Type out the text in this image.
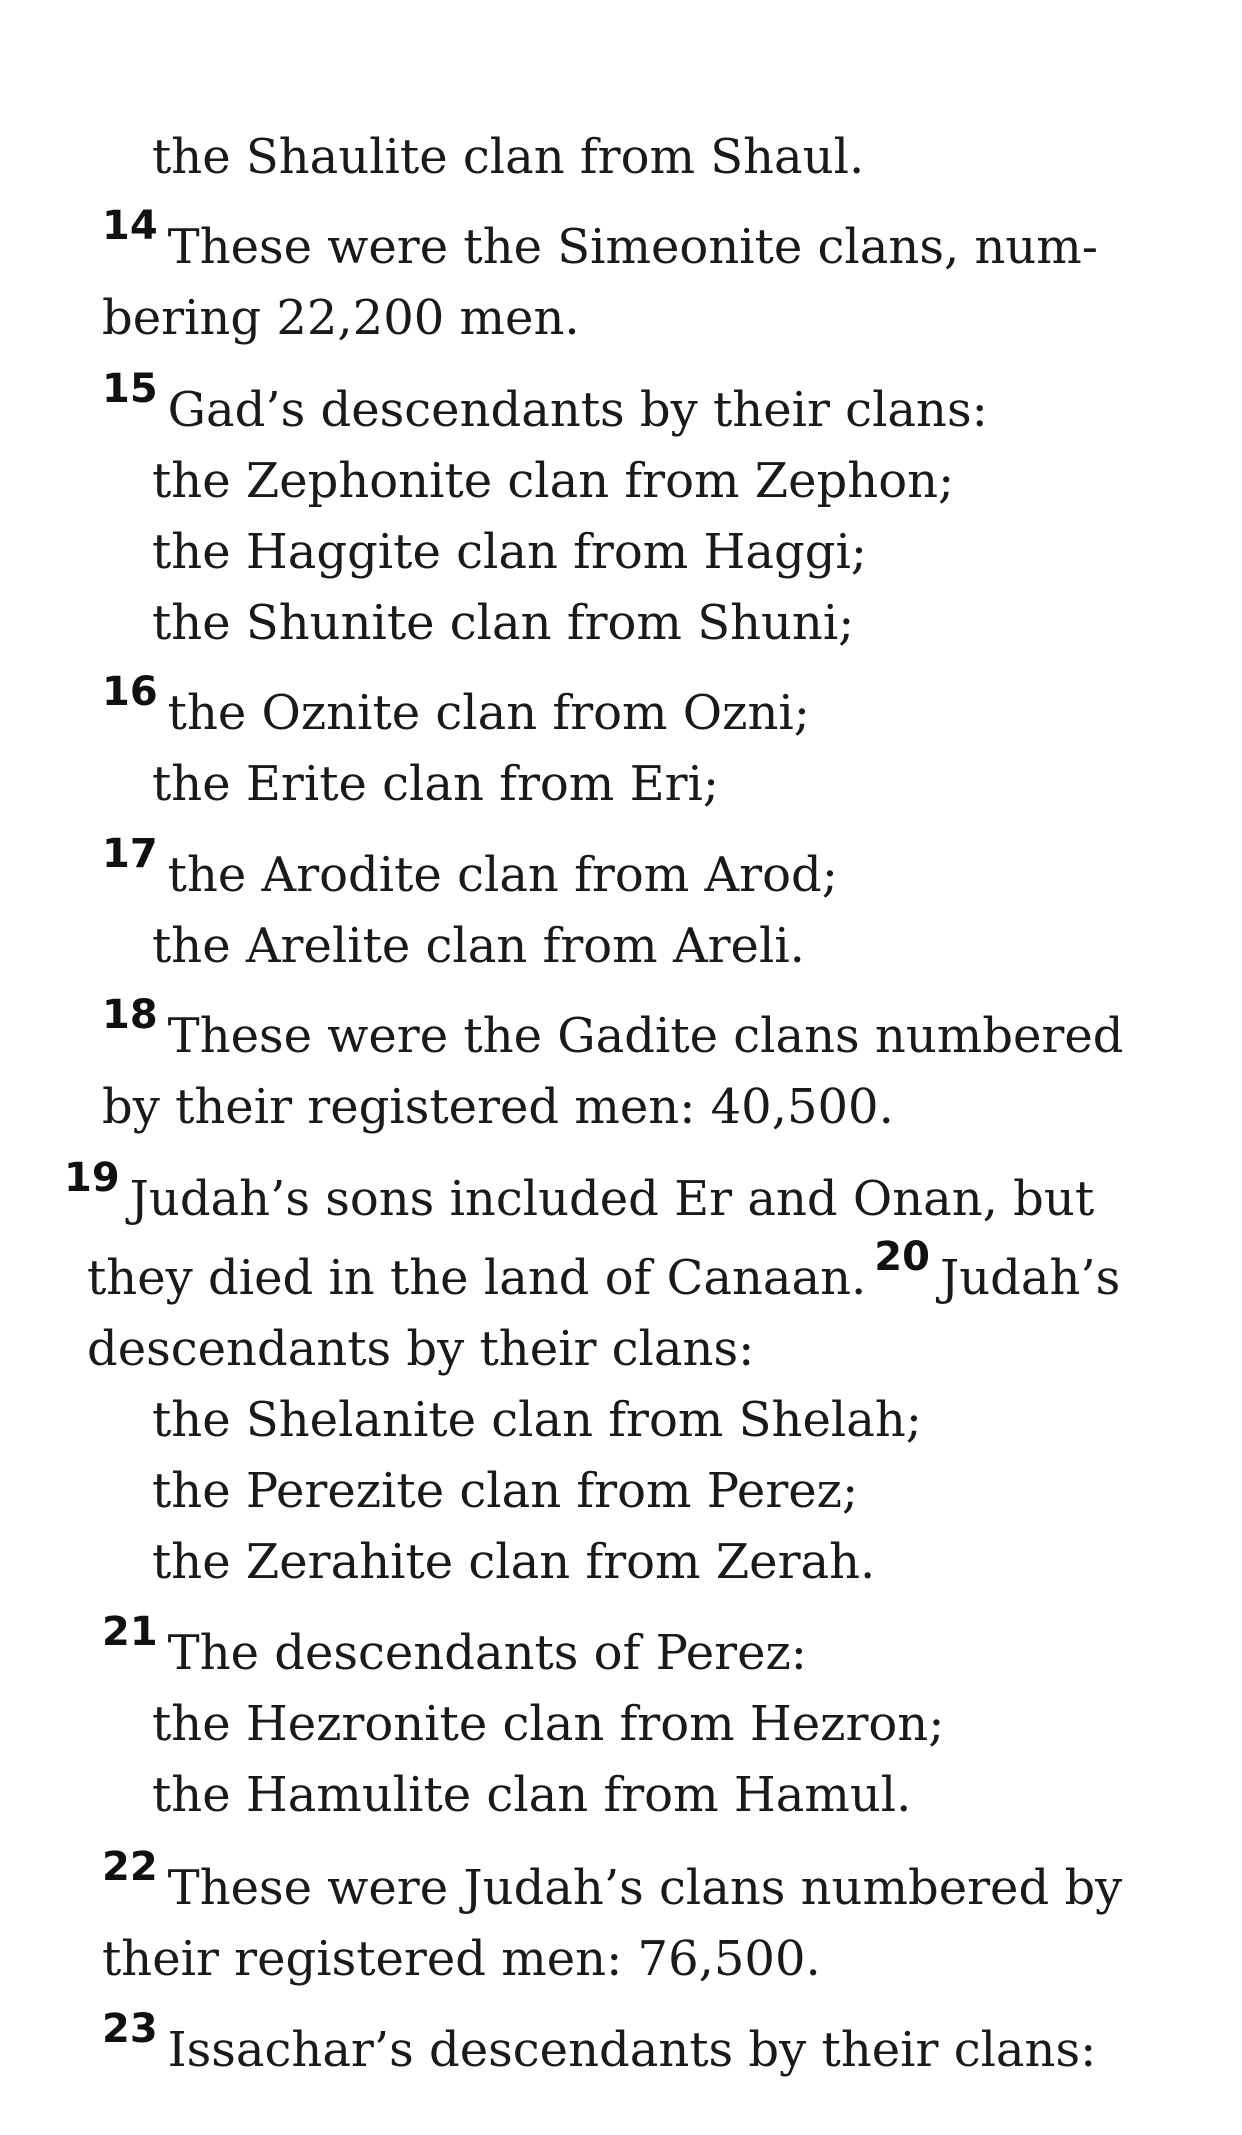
the Shaulite clan from Shaul.
$^{14}$ These were the Simeonite clans, num-
bering 22,200 men.
$^{15}$ Gad’s descendants by their clans:
the Zephonite clan from Zephon;
the Haggite clan from Haggi;
the Shunite clan from Shuni;
$^{16}$ the Oznite clan from Ozni;
the Erite clan from Eri;
$^{17}$ the Arodite clan from Arod;
the Arelite clan from Areli.
$^{18}$ These were the Gadite clans numbered
by their registered men: 40,500.
$^{19}$ Judah’s sons included Er and Onan, but
they died in the land of Canaan. $^{20}$ Judah’s
descendants by their clans:
the Shelanite clan from Shelah;
the Perezite clan from Perez;
the Zerahite clan from Zerah.
$^{21}$ The descendants of Perez:
the Hezronite clan from Hezron;
the Hamulite clan from Hamul.
$^{22}$ These were Judah’s clans numbered by
their registered men: 76,500.
$^{23}$ Issachar’s descendants by their clans:
